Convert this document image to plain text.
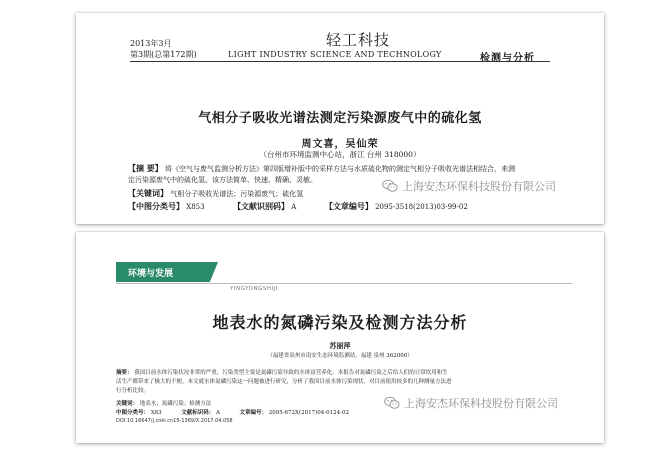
2013年3月
第3期(总第172期)
轻工科技
LIGHT INDUSTRY SCIENCE AND TECHNOLOGY	检测与分析
气相分子吸收光谱法测定污染源废气中的硫化氢
周文喜，吴仙荣
（台州市环境监测中心站，浙江 台州 318000）
【摘 要】 将《空气与废气监测分析方法》第四版增补版中的采样方法与水质硫化物的测定气相分子吸收光谱法相结合，来测
定污染源废气中的硫化氢。该方法简单、快速、精确、灵敏。
【关键词】 气相分子吸收光谱法；污染源废气；硫化氢
【中图分类号】 X853	【文献识别码】 A	【文章编号】 2095-3518(2013)03-99-02
环境与发展
YINGYONGSHIJI
地表水的氮磷污染及检测方法分析
苏丽萍
（福建省泉州市南安生态环境监测站，福建 泉州 362000）
摘要： 我国目前水体污染状况非常的严重，污染类型主要是氮磷污染导致的水体富营养化。本报告对氮磷污染之后给人们的日常饮用和生
活生产都带来了极大的不便。本文就水体氮磷污染这一问题被进行研究，分析了我国目前水体污染现状，对目前使用较多的几种测量方法进
行分析比较。
关键词： 地表水；氮磷污染；检测方法
中图分类号： X83	文献标识码： A	文章编号： 2095-672X(2017)04-0124-02
DOI:10.16647/j.cnki.cn15-1369/X.2017.04.058
上海安杰环保科技股份有限公司
上海安杰环保科技股份有限公司
